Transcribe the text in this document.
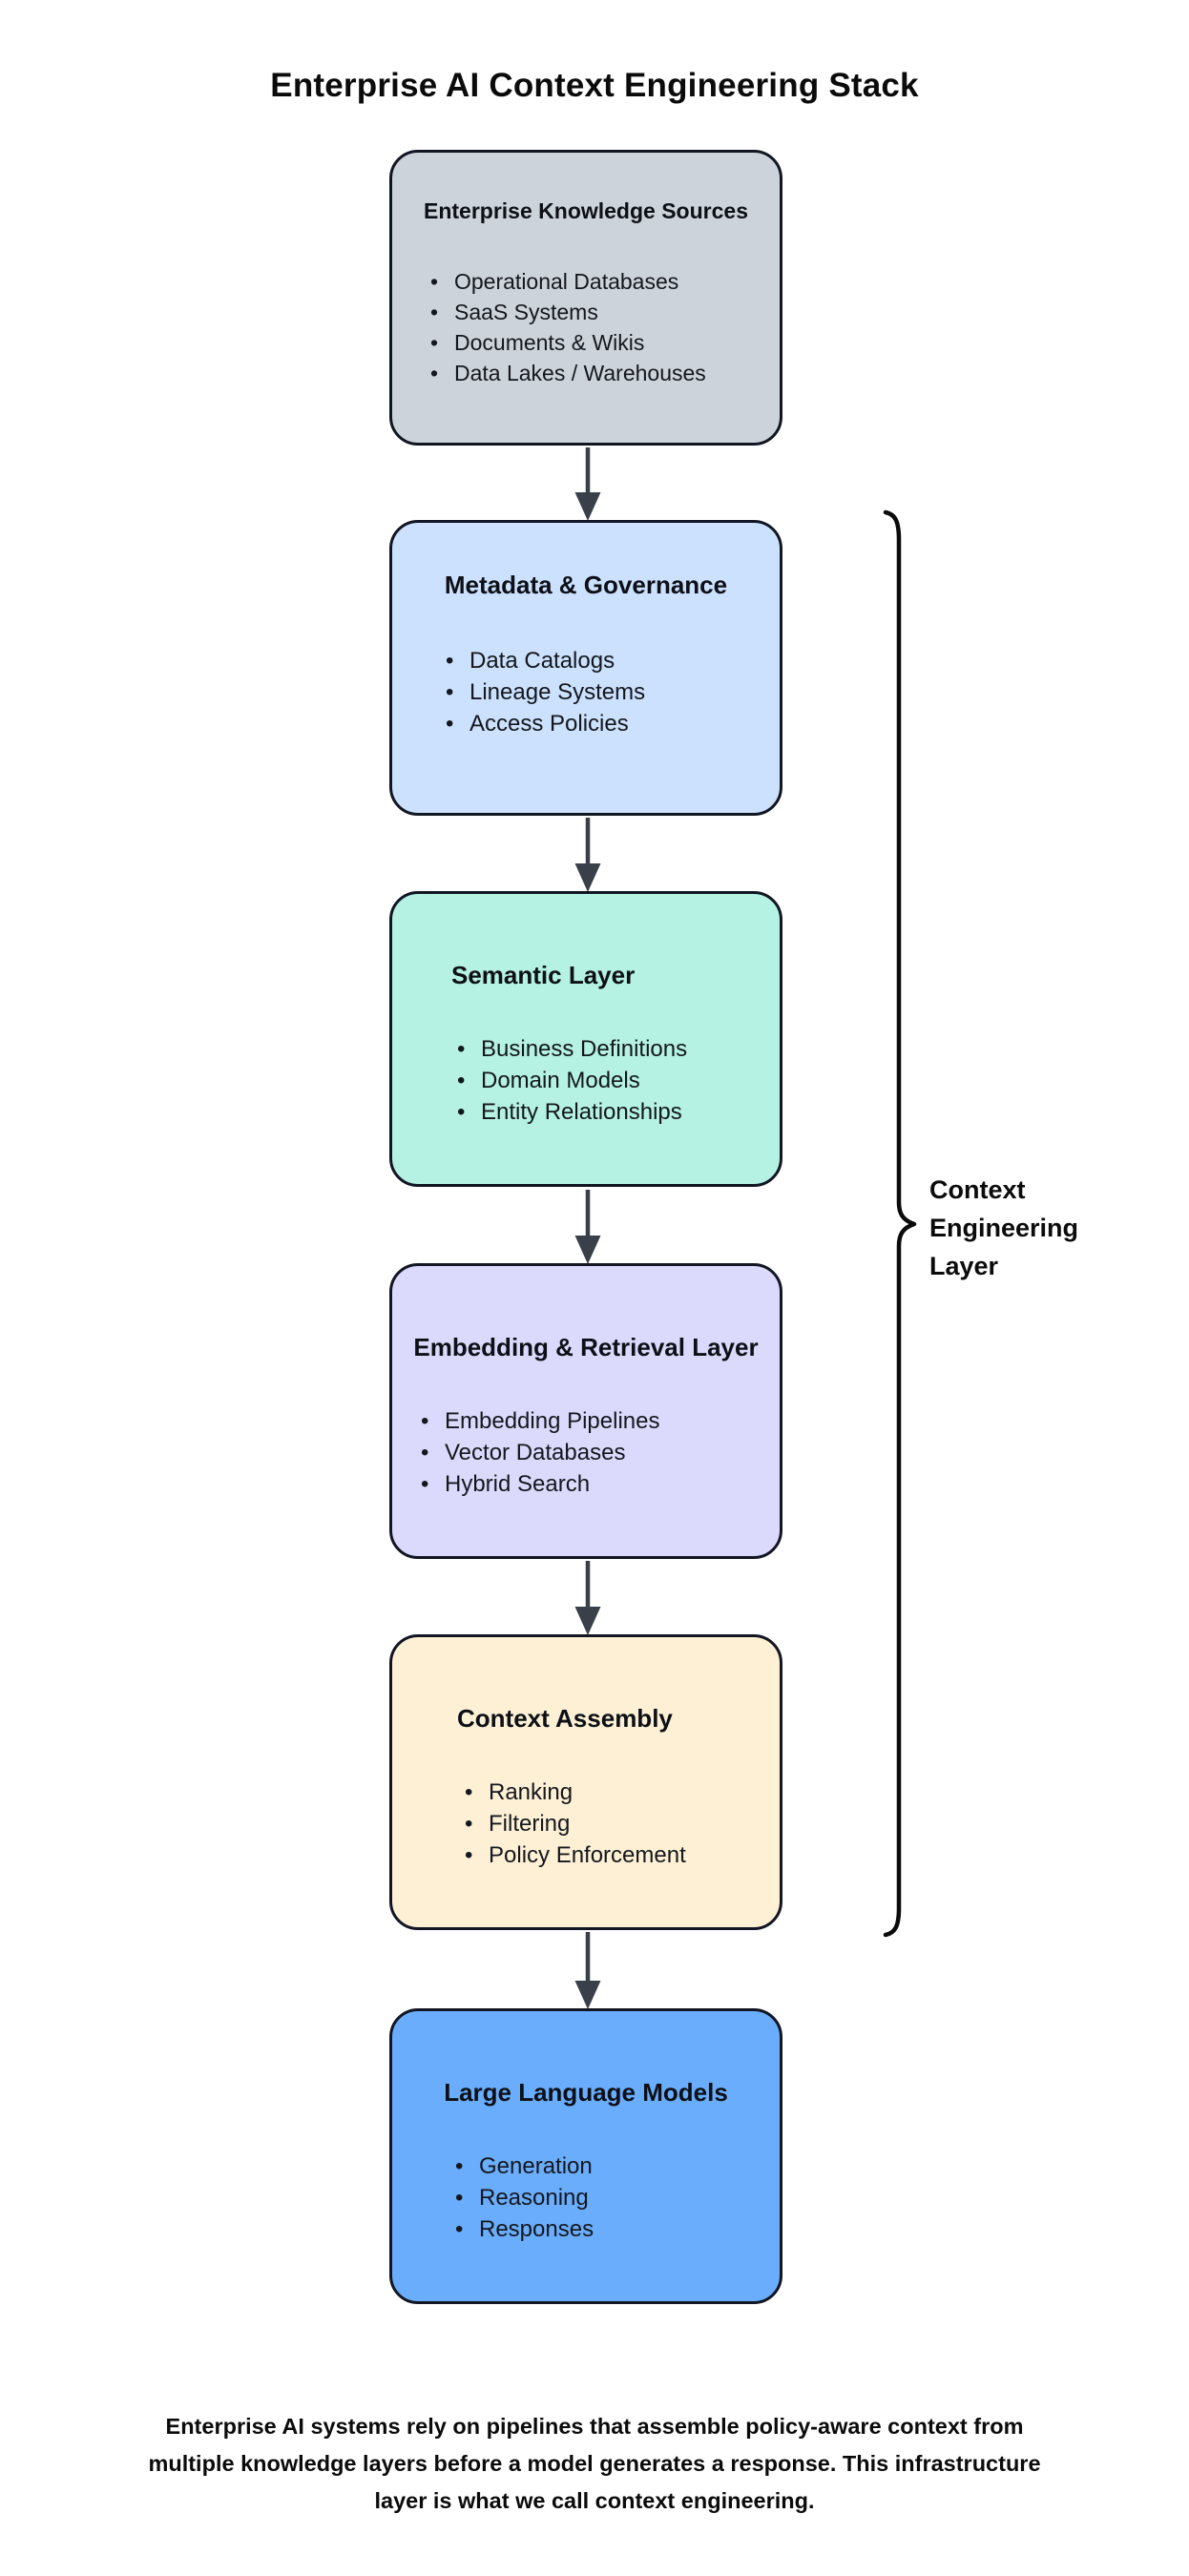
Enterprise AI Context Engineering Stack
Enterprise Knowledge Sources
• Operational Databases
• SaaS Systems
• Documents & Wikis
• Data Lakes / Warehouses
Metadata & Governance
• Data Catalogs
• Lineage Systems
• Access Policies
Semantic Layer
• Business Definitions
• Domain Models
• Entity Relationships
Embedding & Retrieval Layer
• Embedding Pipelines
• Vector Databases
• Hybrid Search
Context Assembly
• Ranking
• Filtering
• Policy Enforcement
Large Language Models
• Generation
• Reasoning
• Responses
Context
Engineering
Layer
Enterprise AI systems rely on pipelines that assemble policy-aware context from
multiple knowledge layers before a model generates a response. This infrastructure
layer is what we call context engineering.
